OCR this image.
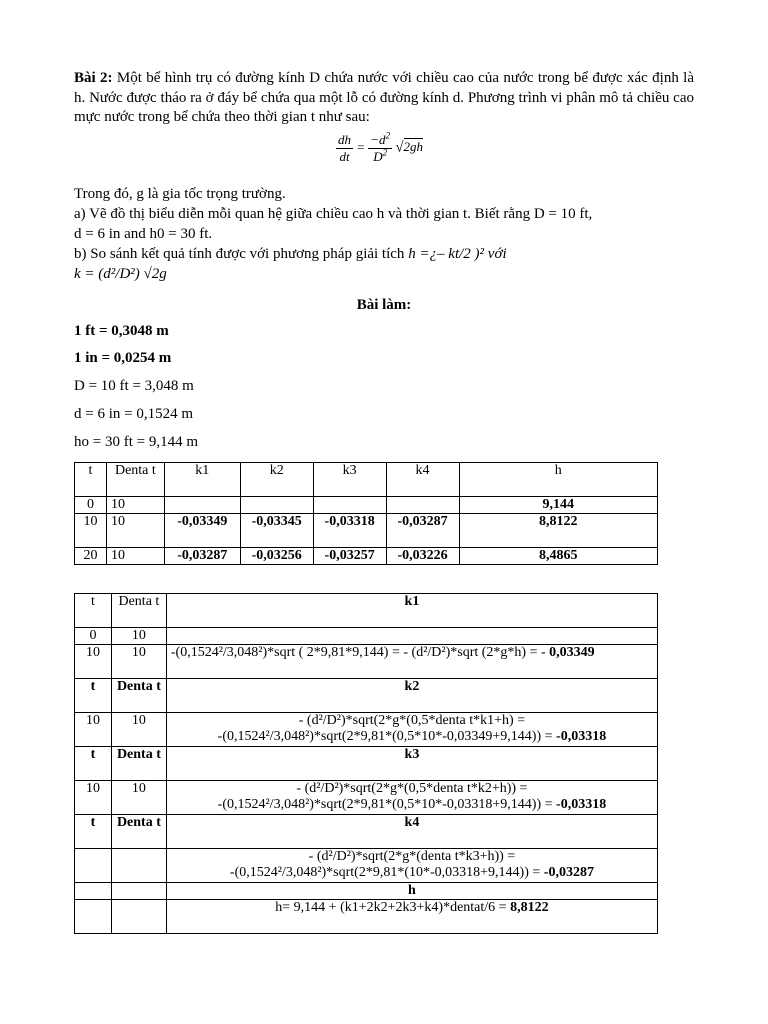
Bài 2: Một bể hình trụ có đường kính D chứa nước với chiều cao của nước trong bể được xác định là h. Nước được tháo ra ở đáy bể chứa qua một lỗ có đường kính d. Phương trình vi phân mô tả chiều cao mực nước trong bể chứa theo thời gian t như sau:
$\frac{dh}{dt} = \frac{-d^2}{D^2} √2gh$
Trong đó, g là gia tốc trọng trường.
a) Vẽ đồ thị biểu diễn mỗi quan hệ giữa chiều cao h và thời gian t. Biết rằng D = 10 ft,
d = 6 in and h0 = 30 ft.
b) So sánh kết quả tính được với phương pháp giải tích h =¿– kt/2 )² với
k = (d²/D²) √2g
Bài làm:
1 ft = 0,3048 m
1 in = 0,0254 m
D = 10 ft = 3,048 m
d = 6 in = 0,1524 m
ho = 30 ft = 9,144 m
t	Denta t	k1	k2	k3	k4	h
0	10					9,144
10	10	-0,03349	-0,03345	-0,03318	-0,03287	8,8122
20	10	-0,03287	-0,03256	-0,03257	-0,03226	8,4865
t	Denta t	k1
0	10	
10	10	-(0,1524²/3,048²)*sqrt ( 2*9,81*9,144) = - (d²/D²)*sqrt (2*g*h) = - 0,03349
t	Denta t	k2
10	10	- (d²/D²)*sqrt(2*g*(0,5*denta t*k1+h) =
-(0,1524²/3,048²)*sqrt(2*9,81*(0,5*10*-0,03349+9,144)) = -0,03318

t	Denta t	k3
10	10	- (d²/D²)*sqrt(2*g*(0,5*denta t*k2+h)) =
-(0,1524²/3,048²)*sqrt(2*9,81*(0,5*10*-0,03318+9,144)) = -0,03318

t	Denta t	k4

		- (d²/D²)*sqrt(2*g*(denta t*k3+h)) =
-(0,1524²/3,048²)*sqrt(2*9,81*(10*-0,03318+9,144)) = -0,03287

		h
		h= 9,144 + (k1+2k2+2k3+k4)*dentat/6 = 8,8122
